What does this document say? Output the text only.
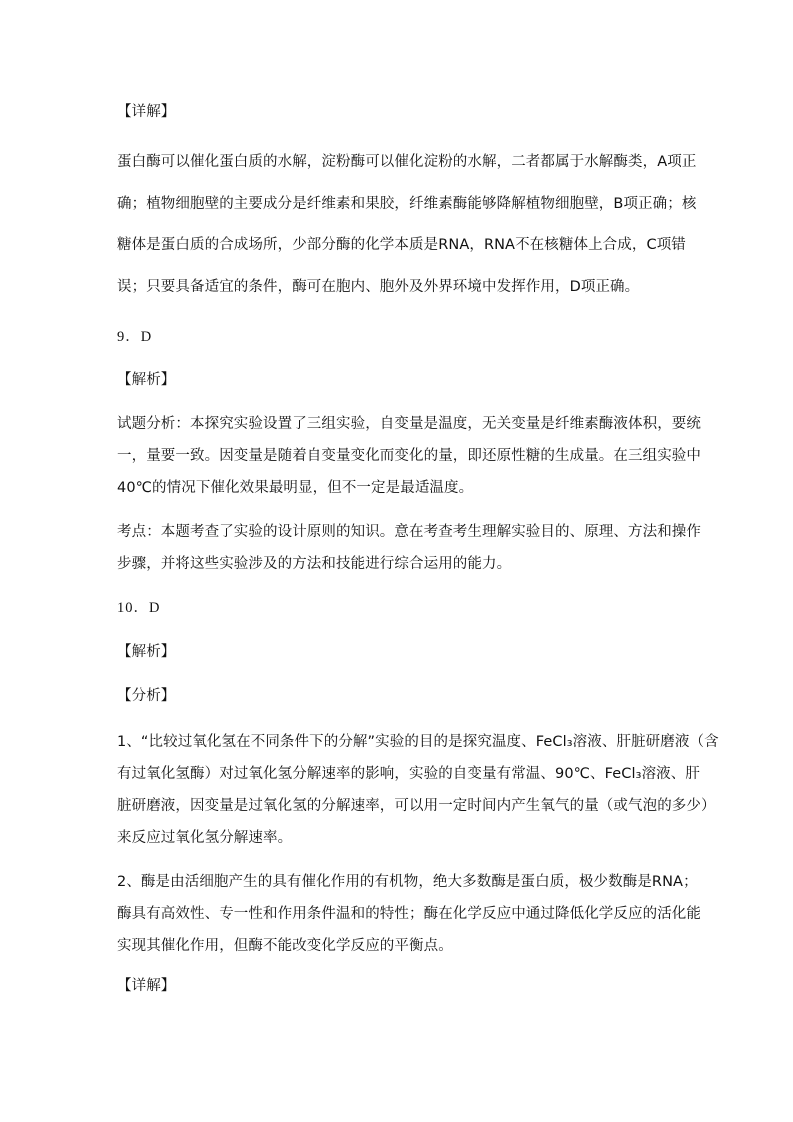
【详解】
蛋白酶可以催化蛋白质的水解，淀粉酶可以催化淀粉的水解，二者都属于水解酶类，A项正
确；植物细胞壁的主要成分是纤维素和果胶，纤维素酶能够降解植物细胞壁，B项正确；核
糖体是蛋白质的合成场所，少部分酶的化学本质是RNA，RNA不在核糖体上合成，C项错
误；只要具备适宜的条件，酶可在胞内、胞外及外界环境中发挥作用，D项正确。
9．D
【解析】
试题分析：本探究实验设置了三组实验，自变量是温度，无关变量是纤维素酶液体积，要统
一，量要一致。因变量是随着自变量变化而变化的量，即还原性糖的生成量。在三组实验中
40℃的情况下催化效果最明显，但不一定是最适温度。
考点：本题考查了实验的设计原则的知识。意在考查考生理解实验目的、原理、方法和操作
步骤，并将这些实验涉及的方法和技能进行综合运用的能力。
10．D
【解析】
【分析】
1、“比较过氧化氢在不同条件下的分解”实验的目的是探究温度、FeCl₃溶液、肝脏研磨液（含
有过氧化氢酶）对过氧化氢分解速率的影响，实验的自变量有常温、90℃、FeCl₃溶液、肝
脏研磨液，因变量是过氧化氢的分解速率，可以用一定时间内产生氧气的量（或气泡的多少）
来反应过氧化氢分解速率。
2、酶是由活细胞产生的具有催化作用的有机物，绝大多数酶是蛋白质，极少数酶是RNA；
酶具有高效性、专一性和作用条件温和的特性；酶在化学反应中通过降低化学反应的活化能
实现其催化作用，但酶不能改变化学反应的平衡点。
【详解】
